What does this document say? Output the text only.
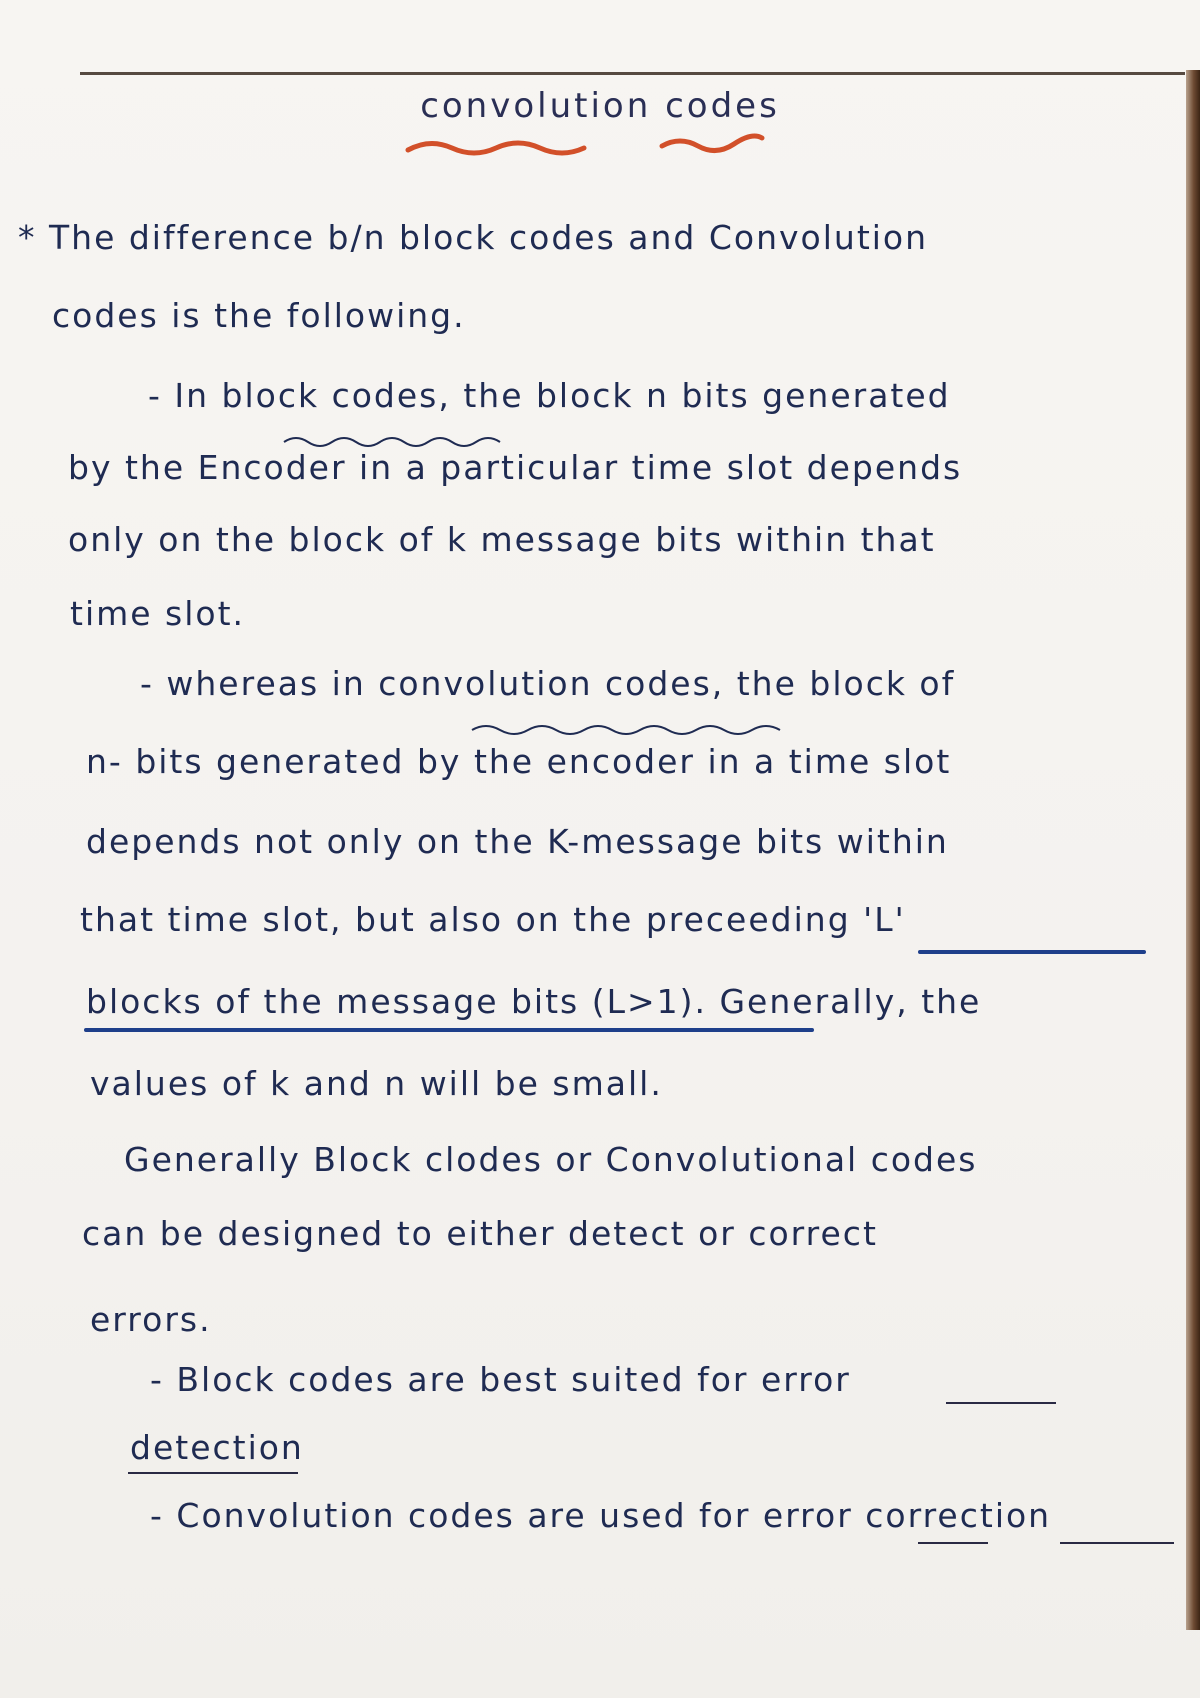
convolution codes
* The difference b/n block codes and Convolution
codes is the following.
- In block codes, the block n bits generated
by the Encoder in a particular time slot depends
only on the block of k message bits within that
time slot.
- whereas in convolution codes, the block of
n- bits generated by the encoder in a time slot
depends not only on the K-message bits within
that time slot, but also on the preceeding 'L'
blocks of the message bits (L>1). Generally, the
values of k and n will be small.
Generally Block clodes or Convolutional codes
can be designed to either detect or correct
errors.
- Block codes are best suited for error
detection
- Convolution codes are used for error correction
